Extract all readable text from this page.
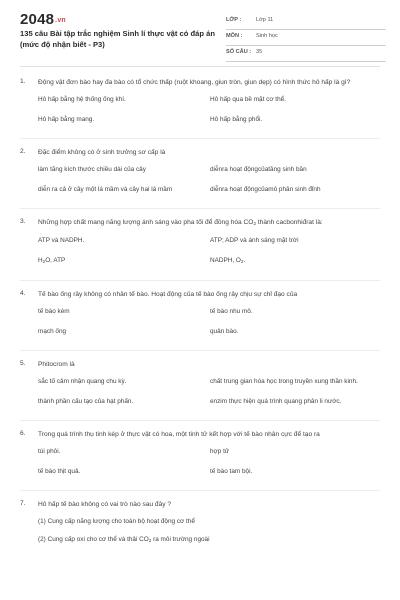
2048.vn
135 câu Bài tập trắc nghiệm Sinh lí thực vật có đáp án (mức độ nhận biết - P3)
LỚP :	Lớp 11
MÔN : Sinh học
SỐ CÂU : 35
1. Động vật đơn bào hay đa bào có tổ chức thấp (ruột khoang, giun tròn, giun dẹp) có hình thức hô hấp là gì?
Hô hấp bằng hệ thống ống khí.	Hô hấp qua bề mặt cơ thể.
Hô hấp bằng mang.	Hô hấp bằng phổi.
2. Đặc điểm không có ở sinh trưởng sơ cấp là
làm tăng kích thước chiều dài của cây	diễnra hoạt độngcủatầng sinh bần
diễn ra cả ở cây một lá mầm và cây hai lá mầm	diễnra hoạt độngcủamô phân sinh đỉnh
3. Những hợp chất mang năng lượng ánh sáng vào pha tối để đồng hóa $CO_2$ thành cacbonhiđrat là:
ATP và NADPH.	ATP; ADP và ánh sáng mặt trời
$H_2O$, ATP	NADPH, $O_2$.
4. Tế bào ống rây không có nhân tế bào. Hoạt động của tế bào ống rây chịu sự chỉ đạo của
tế bào kèm	tế bào nhu mô.
mạch ống	quản bào.
5. Phitocrom là
sắc tố cảm nhận quang chu kỳ.	chất trung gian hóa học trong truyền xung thần kinh.
thành phần cấu tạo của hạt phấn.	enzim thực hiện quá trình quang phân li nước.
6. Trong quá trình thụ tinh kép ở thực vật có hoa, một tinh tử kết hợp với tế bào nhân cực để tạo ra
túi phôi.	hợp tử
tế bào thịt quả.	tế bào tam bội.
7. Hô hấp tế bào không có vai trò nào sau đây ?
(1) Cung cấp năng lượng cho toàn bộ hoạt động cơ thể
(2) Cung cấp oxi cho cơ thể và thải $CO_2$ ra môi trường ngoài
